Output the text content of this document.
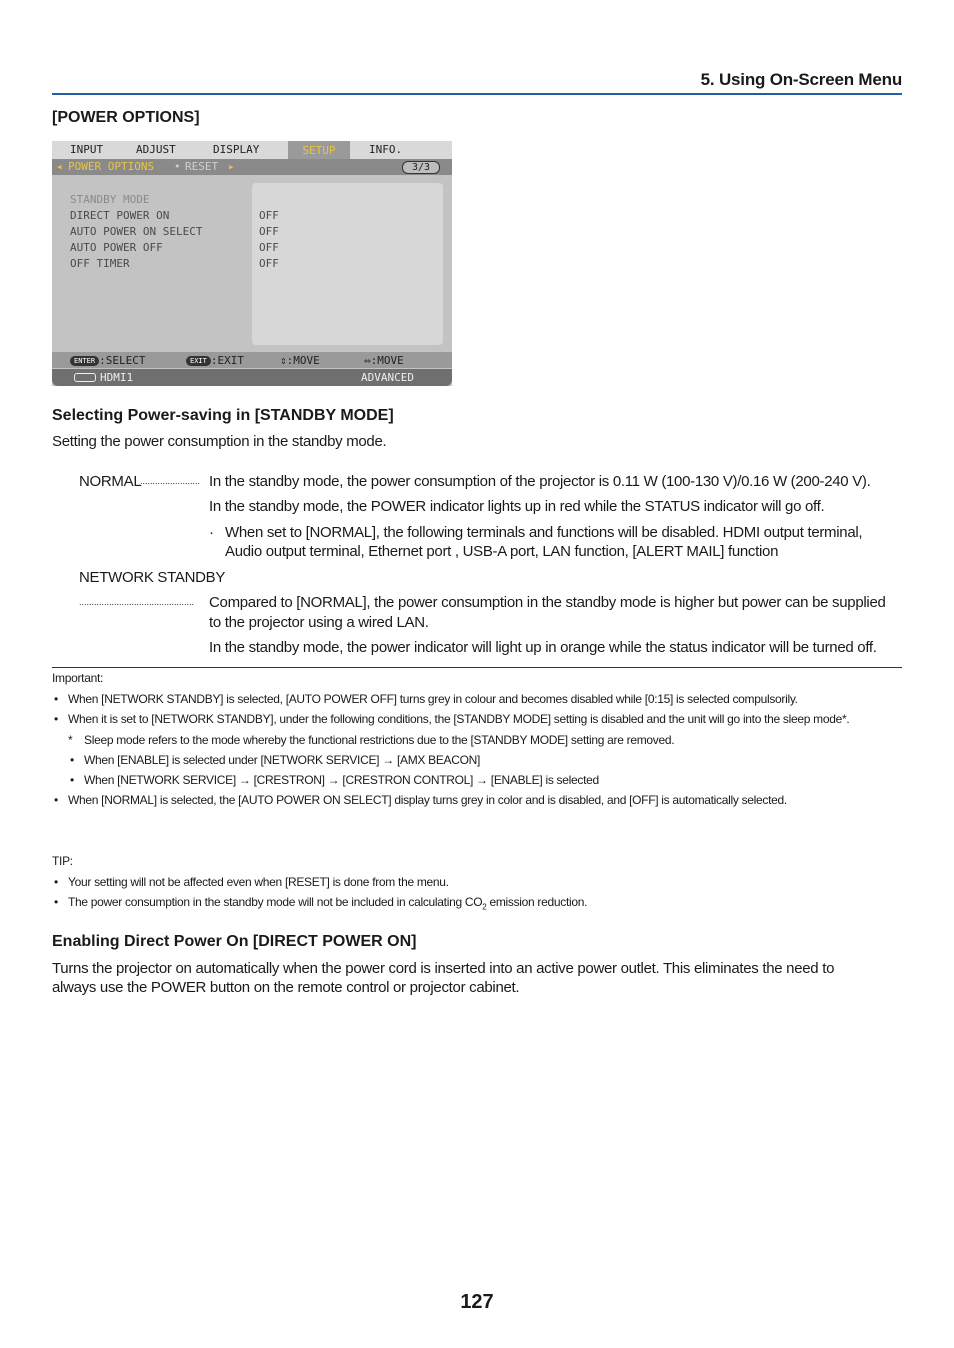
5. Using On-Screen Menu
[POWER OPTIONS]
INPUT	ADJUST	DISPLAY	SETUP	INFO.
◂ POWER OPTIONS • RESET ▸	3/3
STANDBY MODE
DIRECT POWER ON	OFF
AUTO POWER ON SELECT	OFF
AUTO POWER OFF	OFF
OFF TIMER	OFF
ENTER :SELECT	EXIT :EXIT	⇕:MOVE	⇔:MOVE
HDMI1	ADVANCED
Selecting Power-saving in [STANDBY MODE]
Setting the power consumption in the standby mode.
NORMAL
........................ In the standby mode, the power consumption of the projector is 0.11 W (100-130 V)/0.16 W (200-240 V).
In the standby mode, the POWER indicator lights up in red while the STATUS indicator will go off.
· When set to [NORMAL], the following terminals and functions will be disabled. HDMI output terminal,
Audio output terminal, Ethernet port , USB-A port, LAN function, [ALERT MAIL] function
NETWORK STANDBY
.............................................. Compared to [NORMAL], the power consumption in the standby mode is higher but power can be supplied
to the projector using a wired LAN.
In the standby mode, the power indicator will light up in orange while the status indicator will be turned off.
Important:
• When [NETWORK STANDBY] is selected, [AUTO POWER OFF] turns grey in colour and becomes disabled while [0:15] is selected compulsorily.
• When it is set to [NETWORK STANDBY], under the following conditions, the [STANDBY MODE] setting is disabled and the unit will go into the sleep mode*.
* Sleep mode refers to the mode whereby the functional restrictions due to the [STANDBY MODE] setting are removed.
• When [ENABLE] is selected under [NETWORK SERVICE] → [AMX BEACON]
• When [NETWORK SERVICE] → [CRESTRON] → [CRESTRON CONTROL] → [ENABLE] is selected
• When [NORMAL] is selected, the [AUTO POWER ON SELECT] display turns grey in color and is disabled, and [OFF] is automatically selected.
TIP:
• Your setting will not be affected even when [RESET] is done from the menu.
• The power consumption in the standby mode will not be included in calculating $CO_2$ emission reduction.
Enabling Direct Power On [DIRECT POWER ON]
Turns the projector on automatically when the power cord is inserted into an active power outlet. This eliminates the need to
always use the POWER button on the remote control or projector cabinet.
127
